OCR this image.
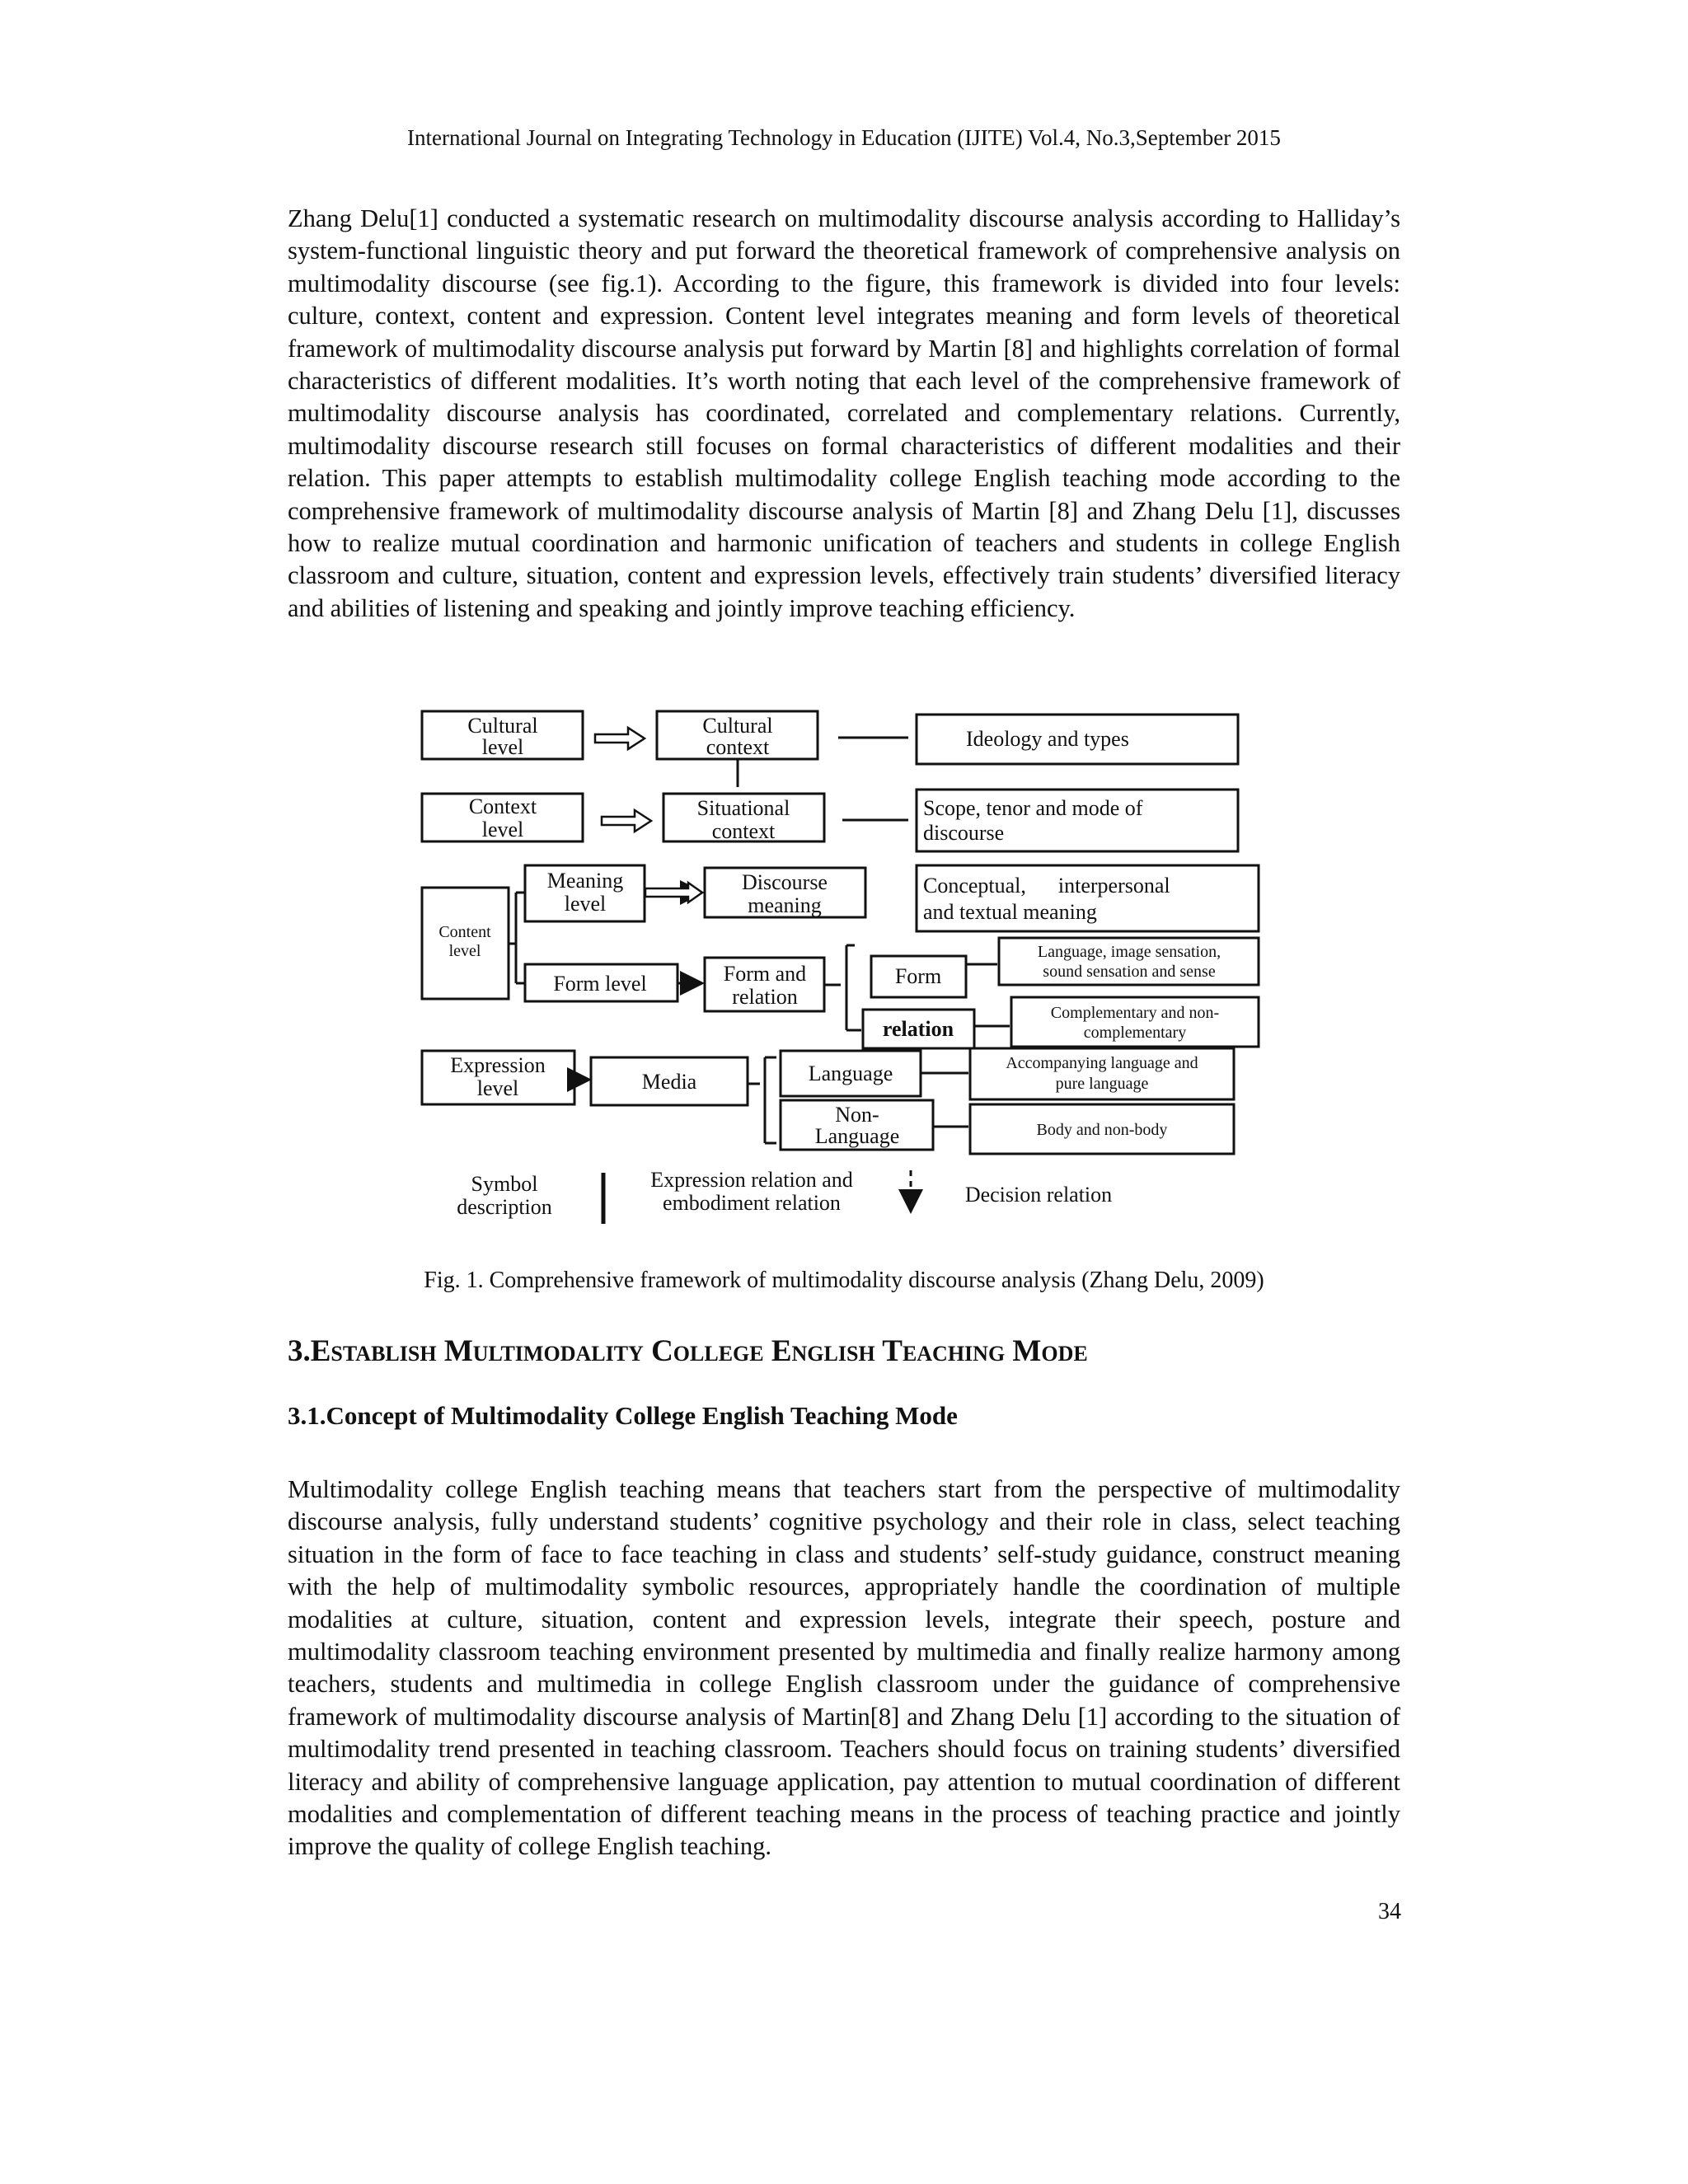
International Journal on Integrating Technology in Education (IJITE) Vol.4, No.3,September 2015

Zhang Delu[1] conducted a systematic research on multimodality discourse analysis according to Halliday’s system-functional linguistic theory and put forward the theoretical framework of comprehensive analysis on multimodality discourse (see fig.1). According to the figure, this framework is divided into four levels: culture, context, content and expression. Content level integrates meaning and form levels of theoretical framework of multimodality discourse analysis put forward by Martin [8] and highlights correlation of formal characteristics of different modalities. It’s worth noting that each level of the comprehensive framework of multimodality discourse analysis has coordinated, correlated and complementary relations. Currently, multimodality discourse research still focuses on formal characteristics of different modalities and their relation. This paper attempts to establish multimodality college English teaching mode according to the comprehensive framework of multimodality discourse analysis of Martin [8] and Zhang Delu [1], discusses how to realize mutual coordination and harmonic unification of teachers and students in college English classroom and culture, situation, content and expression levels, effectively train students’ diversified literacy and abilities of listening and speaking and jointly improve teaching efficiency.

Cultural
level
Cultural
context
Context
level
Situational
context
Meaning
level
Discourse
meaning
Form level	Form and
relation
Form
relation
Expression
level	Media	Language
Non-
Language
Symbol
description
Expression relation and
embodiment relation	Decision relation
Content
level	Language, image sensation,
sound sensation and sense
Complementary and non-
complementary
Accompanying language and
pure language
Body and non-body
Ideology and types
Scope, tenor and mode of
discourse
Conceptual,      interpersonal
and textual meaning
Fig. 1. Comprehensive framework of multimodality discourse analysis (Zhang Delu, 2009)
3.Establish Multimodality College English Teaching Mode
3.1.Concept of Multimodality College English Teaching Mode

Multimodality college English teaching means that teachers start from the perspective of multimodality discourse analysis, fully understand students’ cognitive psychology and their role in class, select teaching situation in the form of face to face teaching in class and students’ self-study guidance, construct meaning with the help of multimodality symbolic resources, appropriately handle the coordination of multiple modalities at culture, situation, content and expression levels, integrate their speech, posture and multimodality classroom teaching environment presented by multimedia and finally realize harmony among teachers, students and multimedia in college English classroom under the guidance of comprehensive framework of multimodality discourse analysis of Martin[8] and Zhang Delu [1] according to the situation of multimodality trend presented in teaching classroom. Teachers should focus on training students’ diversified literacy and ability of comprehensive language application, pay attention to mutual coordination of different modalities and complementation of different teaching means in the process of teaching practice and jointly improve the quality of college English teaching.

34
